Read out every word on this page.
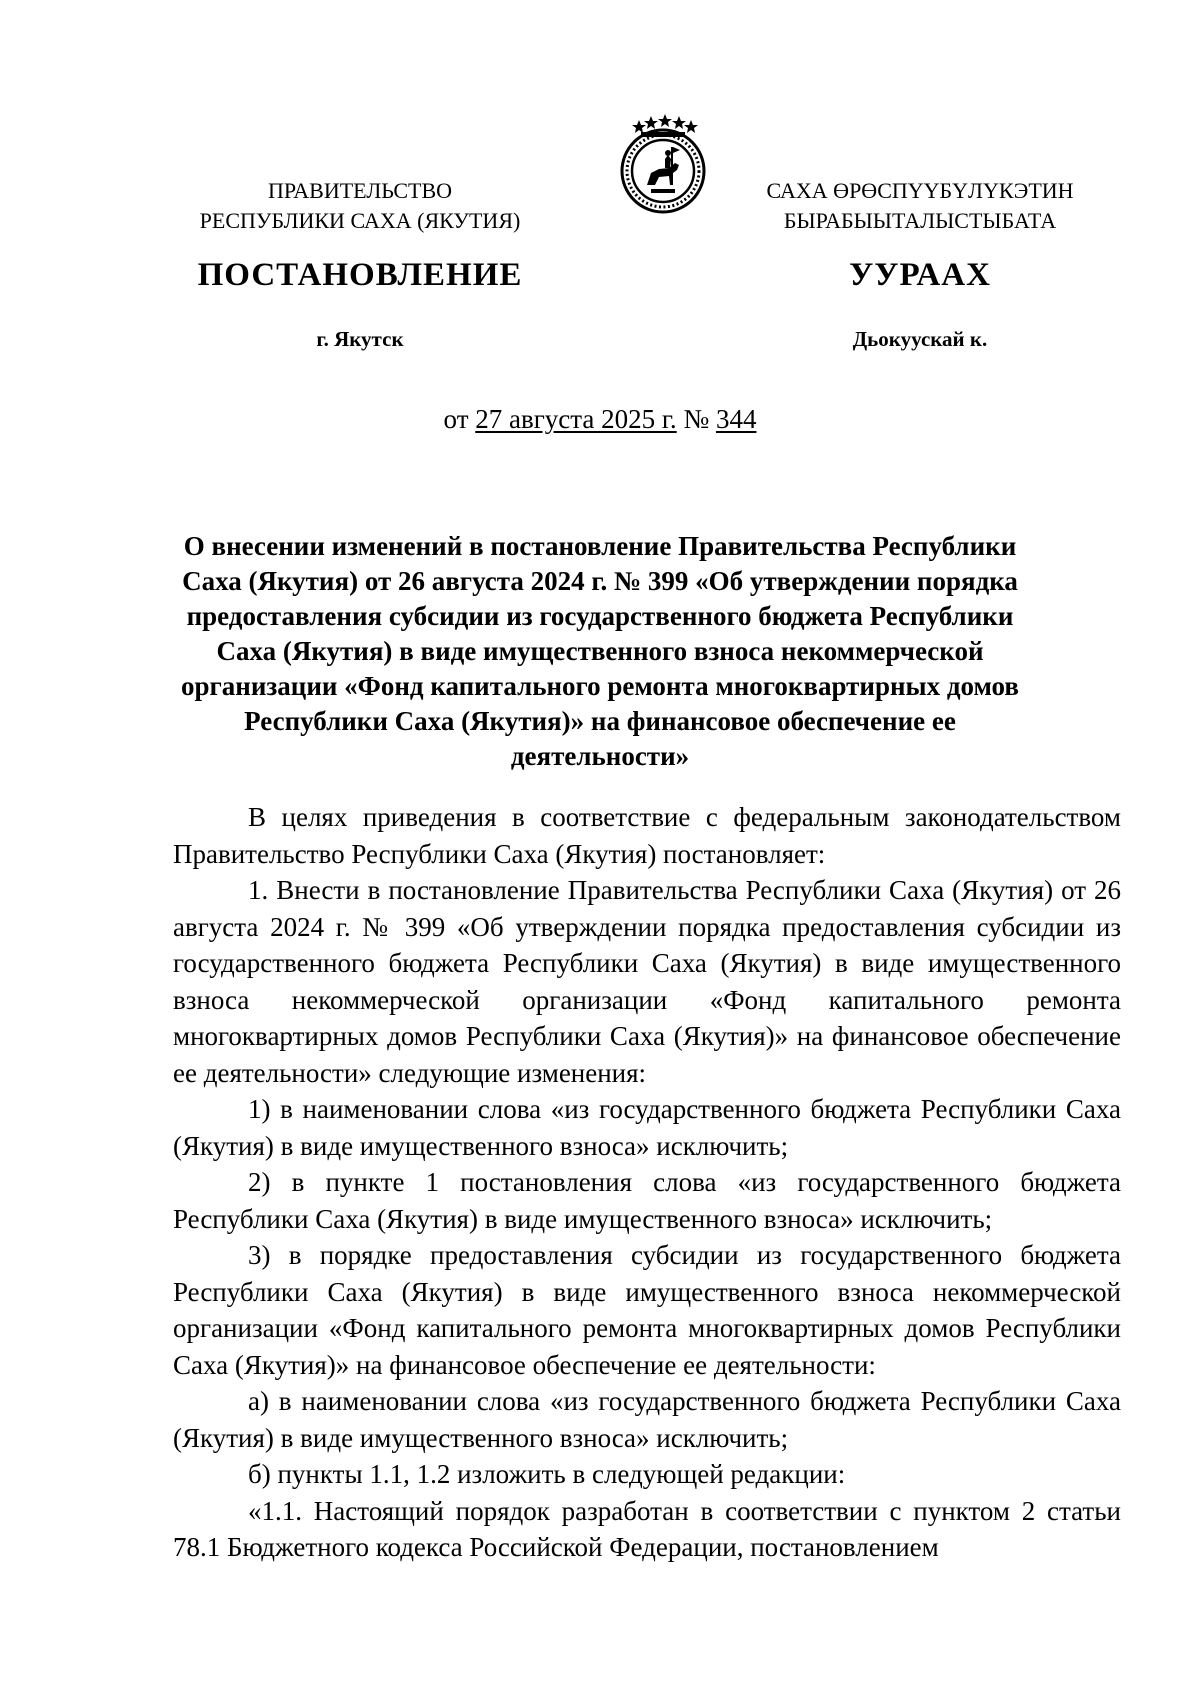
ПРАВИТЕЛЬСТВО
РЕСПУБЛИКИ САХА (ЯКУТИЯ)
САХА ӨРӨСПҮҮБҮЛҮКЭТИН
БЫРАБЫЫТАЛЫСТЫБАТА
ПОСТАНОВЛЕНИЕ	УУРААХ
г. Якутск	Дьокуускай к.
от 27 августа 2025 г. № 344
О внесении изменений в постановление Правительства Республики Саха (Якутия) от 26 августа 2024 г. № 399 «Об утверждении порядка предоставления субсидии из государственного бюджета Республики Саха (Якутия) в виде имущественного взноса некоммерческой организации «Фонд капитального ремонта многоквартирных домов Республики Саха (Якутия)» на финансовое обеспечение ее деятельности»

В целях приведения в соответствие с федеральным законодательством Правительство Республики Саха (Якутия) постановляет:

1. Внести в постановление Правительства Республики Саха (Якутия) от 26 августа 2024 г. № 399 «Об утверждении порядка предоставления субсидии из государственного бюджета Республики Саха (Якутия) в виде имущественного взноса некоммерческой организации «Фонд капитального ремонта многоквартирных домов Республики Саха (Якутия)» на финансовое обеспечение ее деятельности» следующие изменения:

1) в наименовании слова «из государственного бюджета Республики Саха (Якутия) в виде имущественного взноса» исключить;

2) в пункте 1 постановления слова «из государственного бюджета Республики Саха (Якутия) в виде имущественного взноса» исключить;

3) в порядке предоставления субсидии из государственного бюджета Республики Саха (Якутия) в виде имущественного взноса некоммерческой организации «Фонд капитального ремонта многоквартирных домов Республики Саха (Якутия)» на финансовое обеспечение ее деятельности:

а) в наименовании слова «из государственного бюджета Республики Саха (Якутия) в виде имущественного взноса» исключить;

б) пункты 1.1, 1.2 изложить в следующей редакции:

«1.1. Настоящий порядок разработан в соответствии с пунктом 2 статьи 78.1 Бюджетного кодекса Российской Федерации, постановлением
